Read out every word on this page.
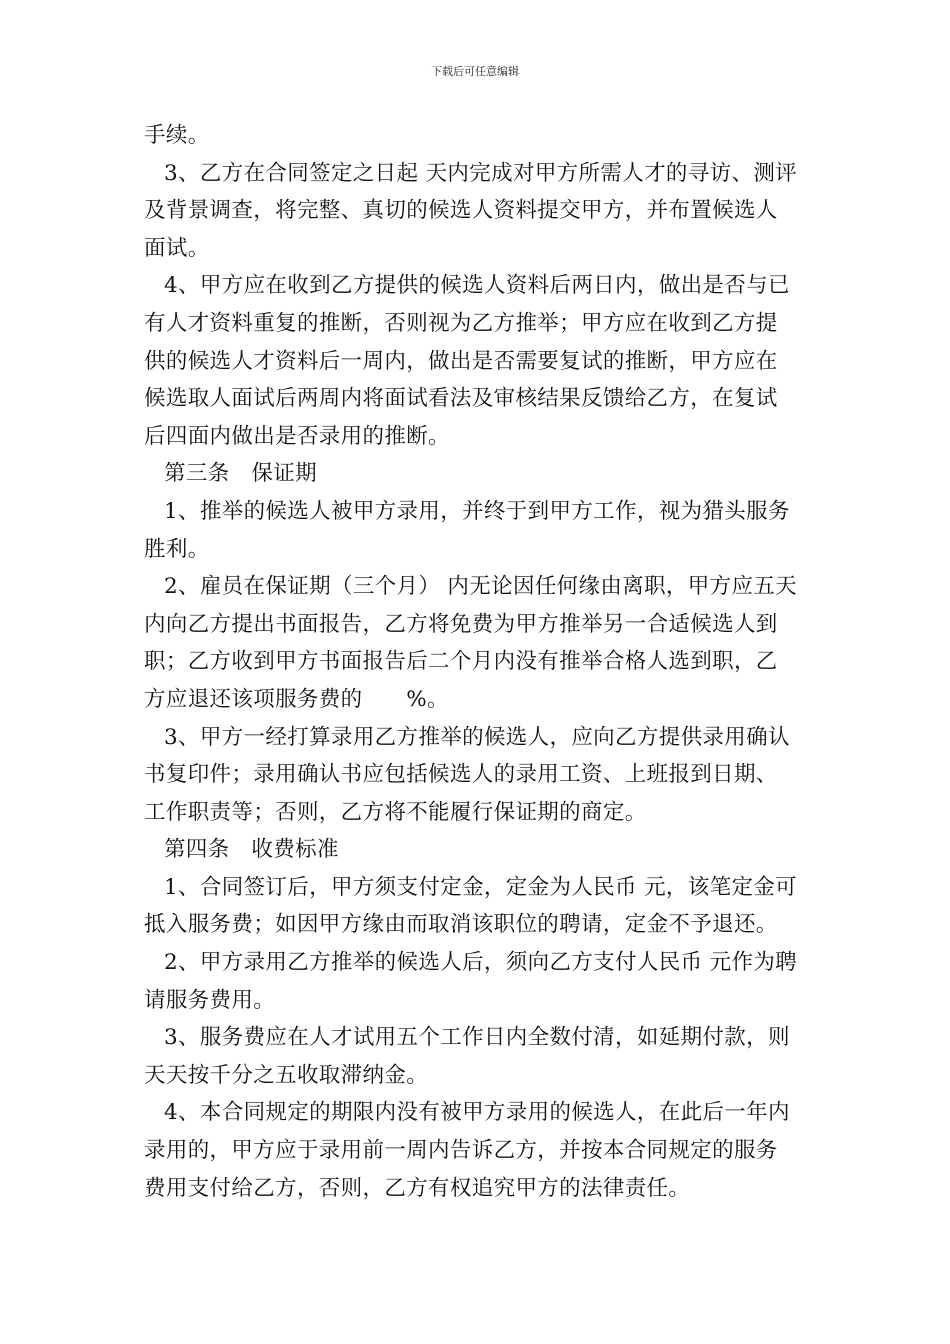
下载后可任意编辑
手续。
3、乙方在合同签定之日起 天内完成对甲方所需人才的寻访、测评
及背景调查，将完整、真切的候选人资料提交甲方，并布置候选人
面试。
4、甲方应在收到乙方提供的候选人资料后两日内，做出是否与已
有人才资料重复的推断，否则视为乙方推举；甲方应在收到乙方提
供的候选人才资料后一周内，做出是否需要复试的推断，甲方应在
候选取人面试后两周内将面试看法及审核结果反馈给乙方，在复试
后四面内做出是否录用的推断。
第三条　保证期
1、推举的候选人被甲方录用，并终于到甲方工作，视为猎头服务
胜利。
2、雇员在保证期（三个月） 内无论因任何缘由离职，甲方应五天
内向乙方提出书面报告，乙方将免费为甲方推举另一合适候选人到
职；乙方收到甲方书面报告后二个月内没有推举合格人选到职，乙
方应退还该项服务费的　　%。
3、甲方一经打算录用乙方推举的候选人，应向乙方提供录用确认
书复印件；录用确认书应包括候选人的录用工资、上班报到日期、
工作职责等；否则，乙方将不能履行保证期的商定。
第四条　收费标准
1、合同签订后，甲方须支付定金，定金为人民币 元，该笔定金可
抵入服务费；如因甲方缘由而取消该职位的聘请，定金不予退还。
2、甲方录用乙方推举的候选人后，须向乙方支付人民币 元作为聘
请服务费用。
3、服务费应在人才试用五个工作日内全数付清，如延期付款，则
天天按千分之五收取滞纳金。
4、本合同规定的期限内没有被甲方录用的候选人，在此后一年内
录用的，甲方应于录用前一周内告诉乙方，并按本合同规定的服务
费用支付给乙方，否则，乙方有权追究甲方的法律责任。
